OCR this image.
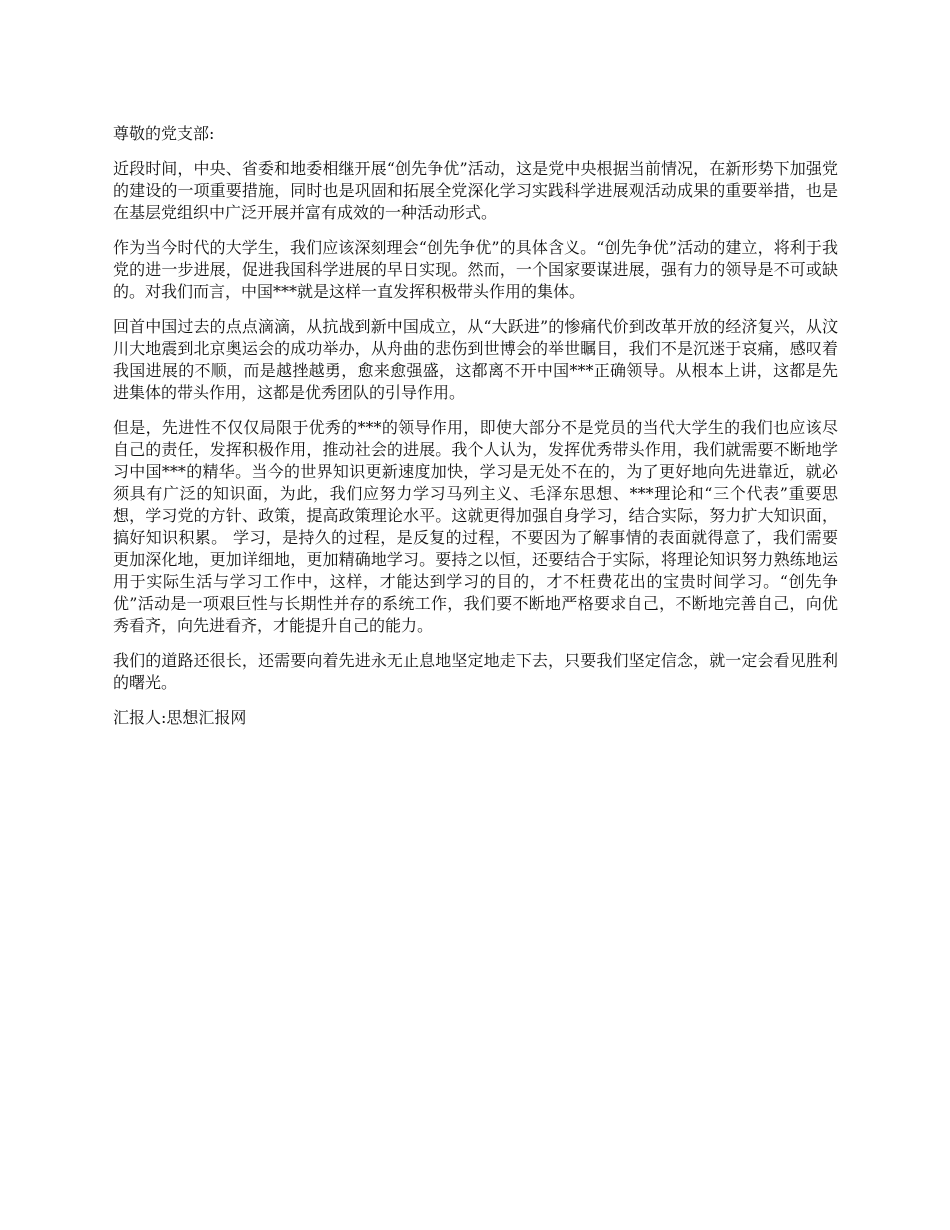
尊敬的党支部:

近段时间，中央、省委和地委相继开展“创先争优”活动，这是党中央根据当前情况，在新形势下加强党的建设的一项重要措施，同时也是巩固和拓展全党深化学习实践科学进展观活动成果的重要举措，也是在基层党组织中广泛开展并富有成效的一种活动形式。

作为当今时代的大学生，我们应该深刻理会“创先争优”的具体含义。“创先争优”活动的建立，将利于我党的进一步进展，促进我国科学进展的早日实现。然而，一个国家要谋进展，强有力的领导是不可或缺的。对我们而言，中国***就是这样一直发挥积极带头作用的集体。

回首中国过去的点点滴滴，从抗战到新中国成立，从“大跃进”的惨痛代价到改革开放的经济复兴，从汶川大地震到北京奥运会的成功举办，从舟曲的悲伤到世博会的举世瞩目，我们不是沉迷于哀痛，感叹着我国进展的不顺，而是越挫越勇，愈来愈强盛，这都离不开中国***正确领导。从根本上讲，这都是先进集体的带头作用，这都是优秀团队的引导作用。

但是，先进性不仅仅局限于优秀的***的领导作用，即使大部分不是党员的当代大学生的我们也应该尽自己的责任，发挥积极作用，推动社会的进展。我个人认为，发挥优秀带头作用，我们就需要不断地学习中国***的精华。当今的世界知识更新速度加快，学习是无处不在的，为了更好地向先进靠近，就必须具有广泛的知识面，为此，我们应努力学习马列主义、毛泽东思想、***理论和“三个代表”重要思想，学习党的方针、政策，提高政策理论水平。这就更得加强自身学习，结合实际，努力扩大知识面，搞好知识积累。 学习，是持久的过程，是反复的过程，不要因为了解事情的表面就得意了，我们需要更加深化地，更加详细地，更加精确地学习。要持之以恒，还要结合于实际，将理论知识努力熟练地运用于实际生活与学习工作中，这样，才能达到学习的目的，才不枉费花出的宝贵时间学习。“创先争优”活动是一项艰巨性与长期性并存的系统工作，我们要不断地严格要求自己，不断地完善自己，向优秀看齐，向先进看齐，才能提升自己的能力。

我们的道路还很长，还需要向着先进永无止息地坚定地走下去，只要我们坚定信念，就一定会看见胜利的曙光。

汇报人:思想汇报网
